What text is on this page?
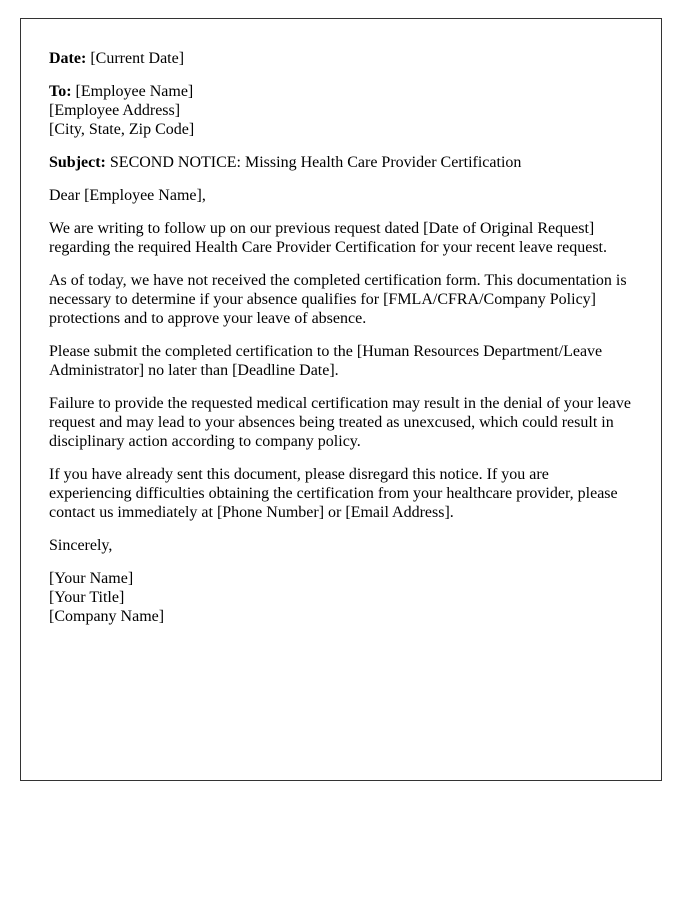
Date: [Current Date]

To: [Employee Name]
[Employee Address]
[City, State, Zip Code]

Subject: SECOND NOTICE: Missing Health Care Provider Certification

Dear [Employee Name],

We are writing to follow up on our previous request dated [Date of Original Request] regarding the required Health Care Provider Certification for your recent leave request.

As of today, we have not received the completed certification form. This documentation is necessary to determine if your absence qualifies for [FMLA/CFRA/Company Policy] protections and to approve your leave of absence.

Please submit the completed certification to the [Human Resources Department/Leave Administrator] no later than [Deadline Date].

Failure to provide the requested medical certification may result in the denial of your leave request and may lead to your absences being treated as unexcused, which could result in disciplinary action according to company policy.

If you have already sent this document, please disregard this notice. If you are experiencing difficulties obtaining the certification from your healthcare provider, please contact us immediately at [Phone Number] or [Email Address].

Sincerely,

[Your Name]
[Your Title]
[Company Name]
